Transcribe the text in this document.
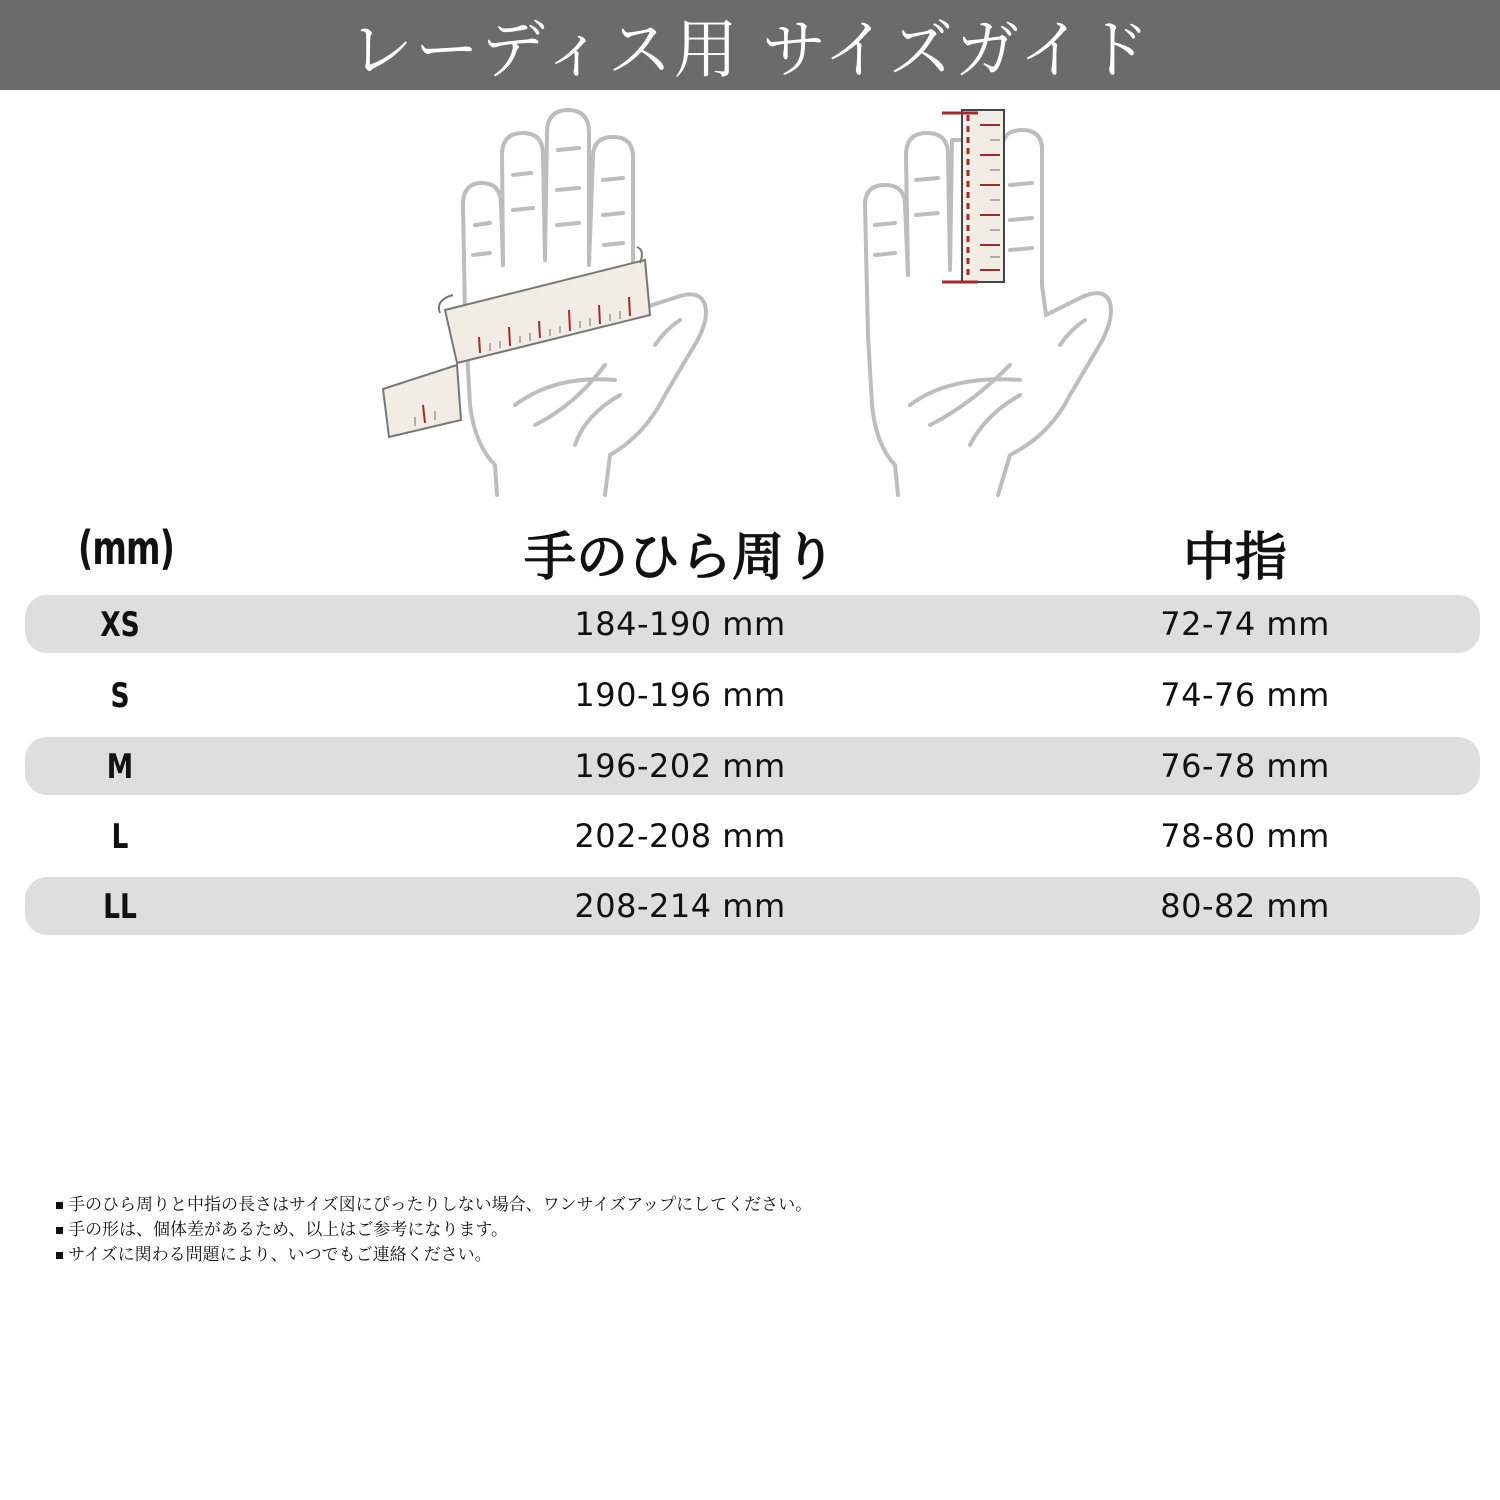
レーディス用 サイズガイド
(mm)	手のひら周り	中指
XS	184-190 mm	72-74 mm
S	190-196 mm	74-76 mm
M	196-202 mm	76-78 mm
L	202-208 mm	78-80 mm
LL	208-214 mm	80-82 mm
手のひら周りと中指の長さはサイズ図にぴったりしない場合、ワンサイズアップにしてください。
手の形は、個体差があるため、以上はご参考になります。
サイズに関わる問題により、いつでもご連絡ください。
